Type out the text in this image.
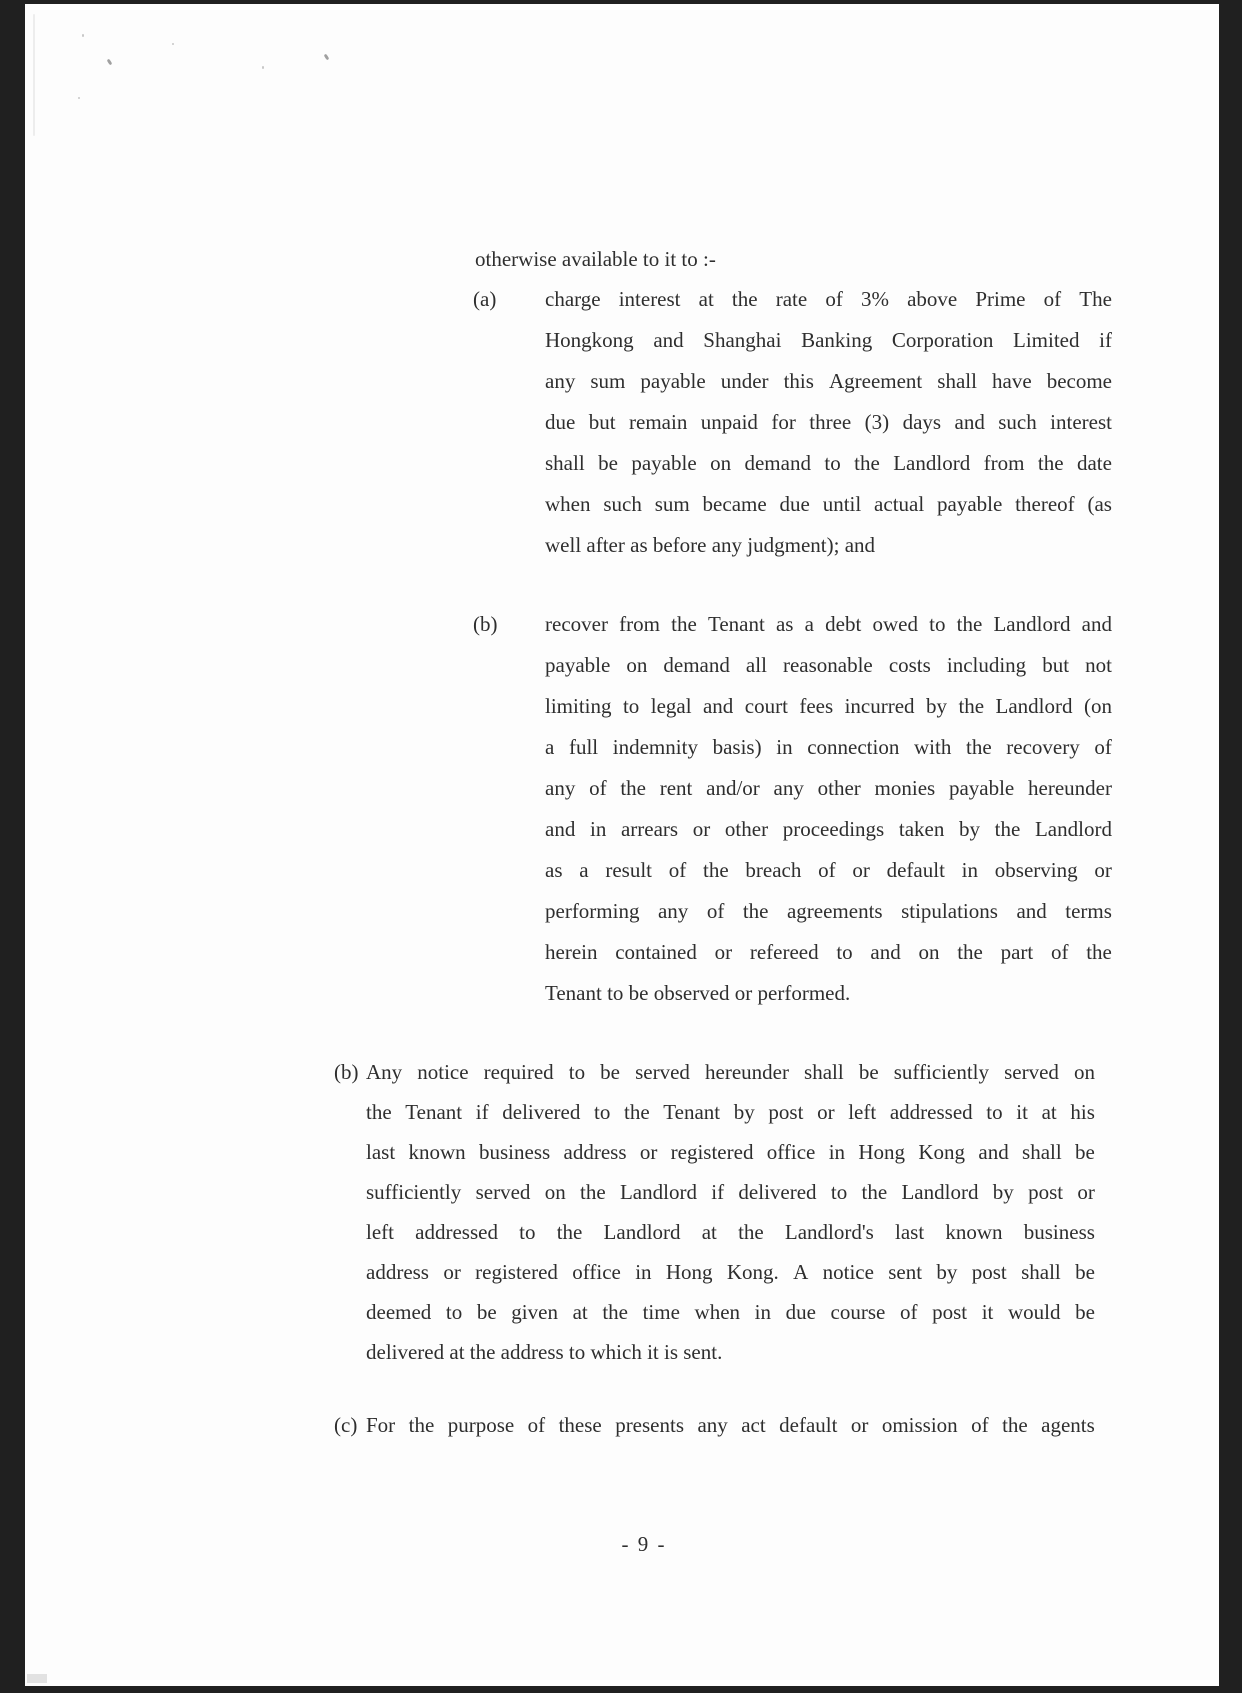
otherwise available to it to :-
(a) charge interest at the rate of 3% above Prime of The
Hongkong and Shanghai Banking Corporation Limited if
any sum payable under this Agreement shall have become
due but remain unpaid for three (3) days and such interest
shall be payable on demand to the Landlord from the date
when such sum became due until actual payable thereof (as
well after as before any judgment); and
(b) recover from the Tenant as a debt owed to the Landlord and
payable on demand all reasonable costs including but not
limiting to legal and court fees incurred by the Landlord (on
a full indemnity basis) in connection with the recovery of
any of the rent and/or any other monies payable hereunder
and in arrears or other proceedings taken by the Landlord
as a result of the breach of or default in observing or
performing any of the agreements stipulations and terms
herein contained or refereed to and on the part of the
Tenant to be observed or performed.
(b) Any notice required to be served hereunder shall be sufficiently served on
the Tenant if delivered to the Tenant by post or left addressed to it at his
last known business address or registered office in Hong Kong and shall be
sufficiently served on the Landlord if delivered to the Landlord by post or
left addressed to the Landlord at the Landlord's last known business
address or registered office in Hong Kong. A notice sent by post shall be
deemed to be given at the time when in due course of post it would be
delivered at the address to which it is sent.
(c) For the purpose of these presents any act default or omission of the agents
- 9 -
